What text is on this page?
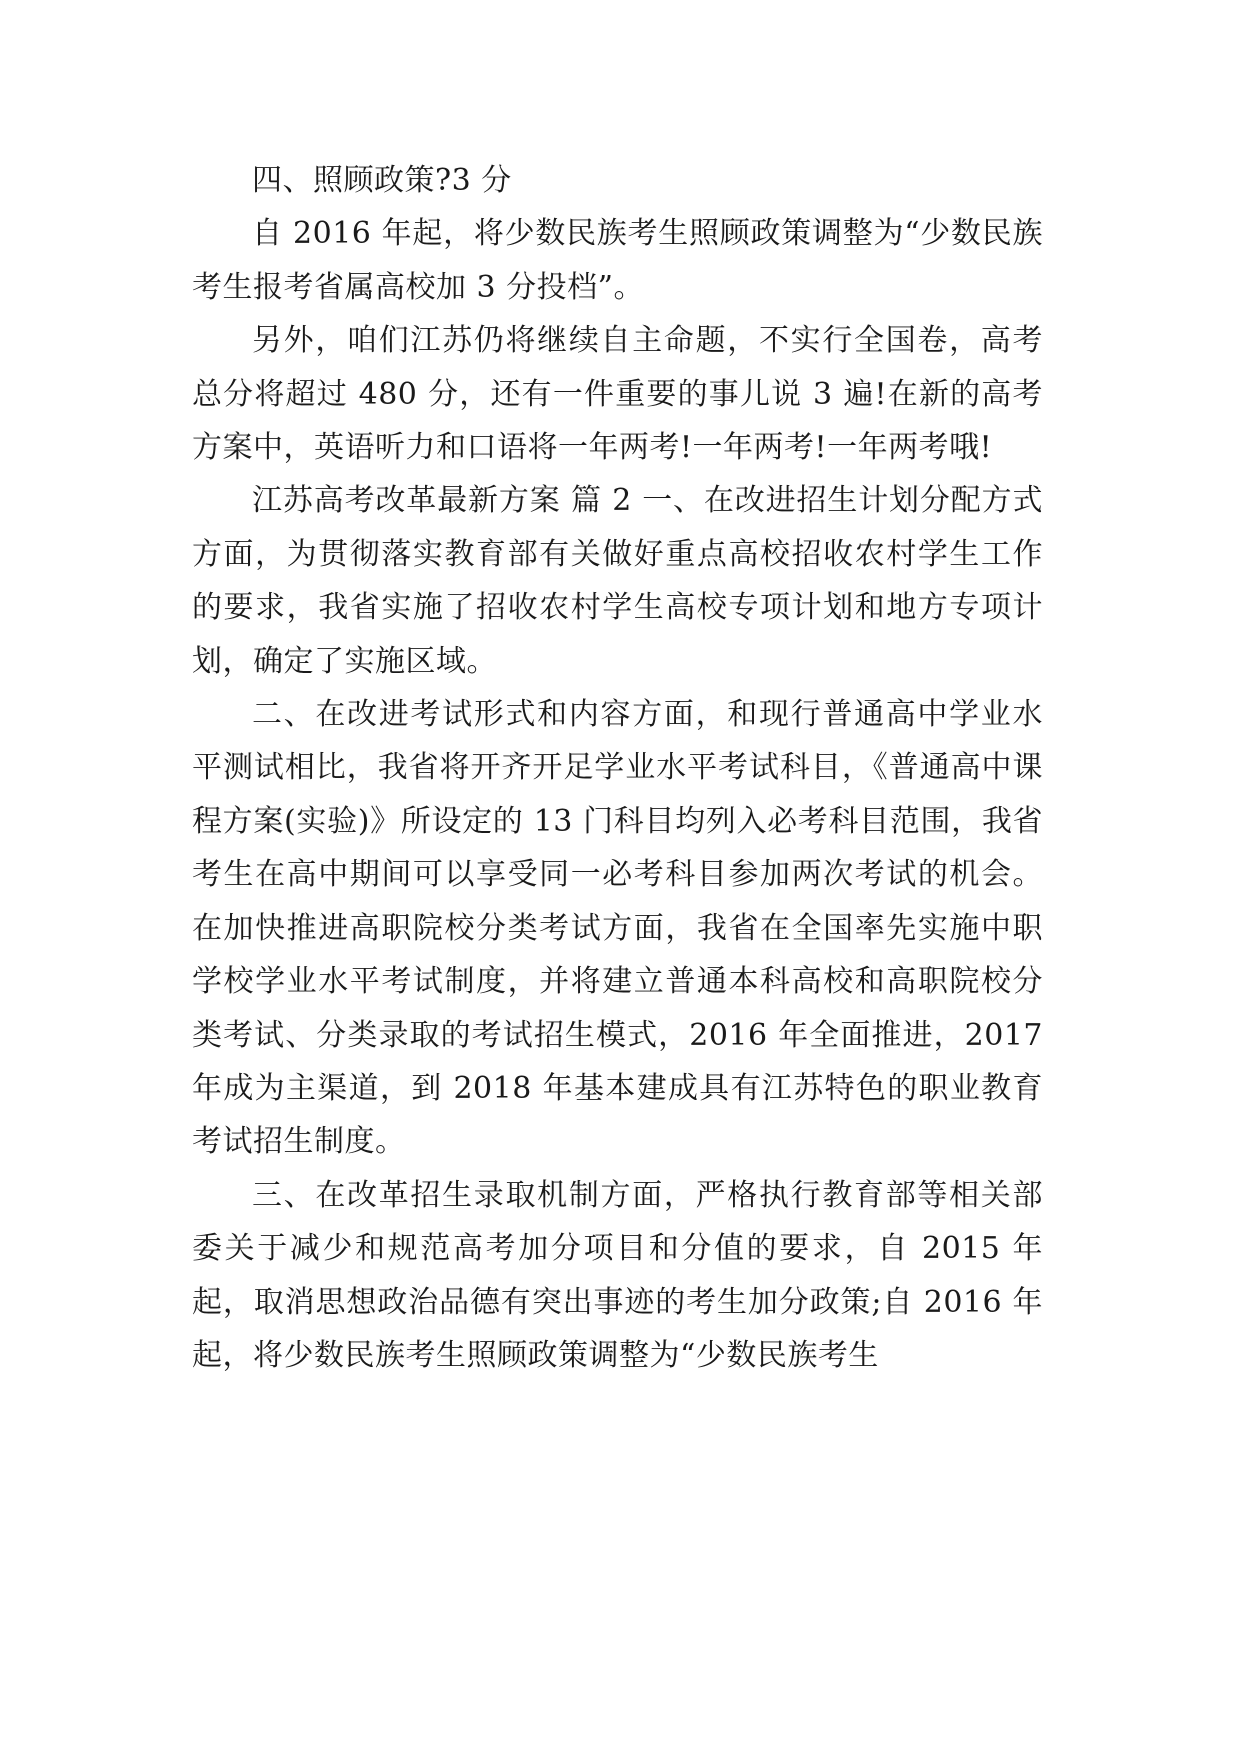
四、照顾政策?3 分

自 2016 年起，将少数民族考生照顾政策调整为“少数民族考生报考省属高校加 3 分投档”。

另外，咱们江苏仍将继续自主命题，不实行全国卷，高考总分将超过 480 分，还有一件重要的事儿说 3 遍!在新的高考方案中，英语听力和口语将一年两考!一年两考!一年两考哦!

江苏高考改革最新方案 篇 2 一、在改进招生计划分配方式方面，为贯彻落实教育部有关做好重点高校招收农村学生工作的要求，我省实施了招收农村学生高校专项计划和地方专项计划，确定了实施区域。

二、在改进考试形式和内容方面，和现行普通高中学业水平测试相比，我省将开齐开足学业水平考试科目，《普通高中课程方案(实验)》所设定的 13 门科目均列入必考科目范围，我省考生在高中期间可以享受同一必考科目参加两次考试的机会。在加快推进高职院校分类考试方面，我省在全国率先实施中职学校学业水平考试制度，并将建立普通本科高校和高职院校分类考试、分类录取的考试招生模式，2016 年全面推进，2017 年成为主渠道，到 2018 年基本建成具有江苏特色的职业教育考试招生制度。

三、在改革招生录取机制方面，严格执行教育部等相关部委关于减少和规范高考加分项目和分值的要求，自 2015 年起，取消思想政治品德有突出事迹的考生加分政策;自 2016 年起，将少数民族考生照顾政策调整为“少数民族考生
